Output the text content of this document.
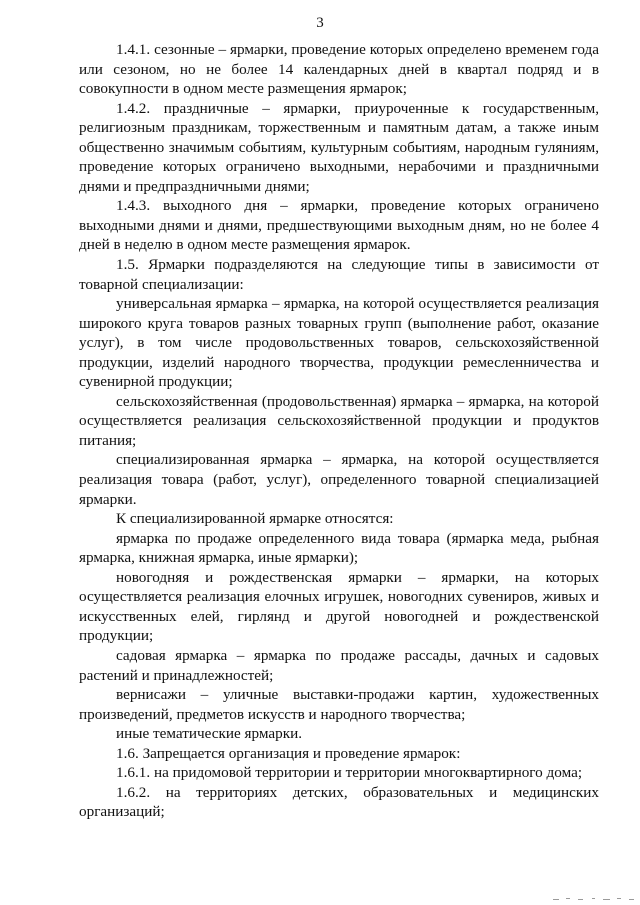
3

1.4.1. сезонные – ярмарки, проведение которых определено временем года или сезоном, но не более 14 календарных дней в квартал подряд и в совокупности в одном месте размещения ярмарок;

1.4.2. праздничные – ярмарки, приуроченные к государственным, религиозным праздникам, торжественным и памятным датам, а также иным общественно значимым событиям, культурным событиям, народным гуляниям, проведение которых ограничено выходными, нерабочими и праздничными днями и предпраздничными днями;

1.4.3. выходного дня – ярмарки, проведение которых ограничено выходными днями и днями, предшествующими выходным дням, но не более 4 дней в неделю в одном месте размещения ярмарок.

1.5. Ярмарки подразделяются на следующие типы в зависимости от товарной специализации:

универсальная ярмарка – ярмарка, на которой осуществляется реализация широкого круга товаров разных товарных групп (выполнение работ, оказание услуг), в том числе продовольственных товаров, сельскохозяйственной продукции, изделий народного творчества, продукции ремесленничества и сувенирной продукции;

сельскохозяйственная (продовольственная) ярмарка – ярмарка, на которой осуществляется реализация сельскохозяйственной продукции и продуктов питания;

специализированная ярмарка – ярмарка, на которой осуществляется реализация товара (работ, услуг), определенного товарной специализацией ярмарки.

К специализированной ярмарке относятся:

ярмарка по продаже определенного вида товара (ярмарка меда, рыбная ярмарка, книжная ярмарка, иные ярмарки);

новогодняя и рождественская ярмарки – ярмарки, на которых осуществляется реализация елочных игрушек, новогодних сувениров, живых и искусственных елей, гирлянд и другой новогодней и рождественской продукции;

садовая ярмарка – ярмарка по продаже рассады, дачных и садовых растений и принадлежностей;

вернисажи – уличные выставки-продажи картин, художественных произведений, предметов искусств и народного творчества;

иные тематические ярмарки.

1.6. Запрещается организация и проведение ярмарок:

1.6.1. на придомовой территории и территории многоквартирного дома;

1.6.2. на территориях детских, образовательных и медицинских организаций;
